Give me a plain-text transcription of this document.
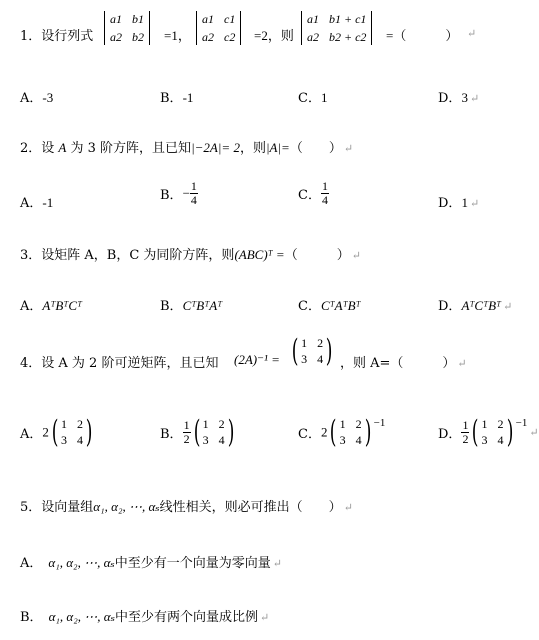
1．设行列式
a1 b1
a2 b2 =1，
a1 c1
a2 c2 =2，则
a1 b1 + c1
a2 b2 + c2 =（　　　） ↵
A．-3	B．-1	C．1	D．3 ↵
2．设 A 为 3 阶方阵，且已知|−2A|= 2，则|A|=（　　） ↵
A．-1	B．− $\frac{1}{4}$	C． $\frac{1}{4}$	D．1 ↵
3．设矩阵 A，B，C 为同阶方阵，则(ABC)ᵀ =（　　　） ↵
A．AᵀBᵀCᵀ	B．CᵀBᵀAᵀ	C．CᵀAᵀBᵀ	D．AᵀCᵀBᵀ ↵
4．设 A 为 2 阶可逆矩阵，且已知 (2A)⁻¹ = ( 1 2
3 4 ) ，则 A=（　　　） ↵
A．2( 1 2
3 4 )	B． $\frac{1}{2}$ ( 1 2
3 4 )	C．2( 1 2
3 4 ) $^{-1}$
D． $\frac{1}{2}$ ( 1 2
3 4 ) $^{-1}$↵
5．设向量组α₁, α₂, ⋯, αₛ线性相关，则必可推出（　　） ↵
A． α₁, α₂, ⋯, αₛ中至少有一个向量为零向量 ↵
B． α₁, α₂, ⋯, αₛ中至少有两个向量成比例 ↵
